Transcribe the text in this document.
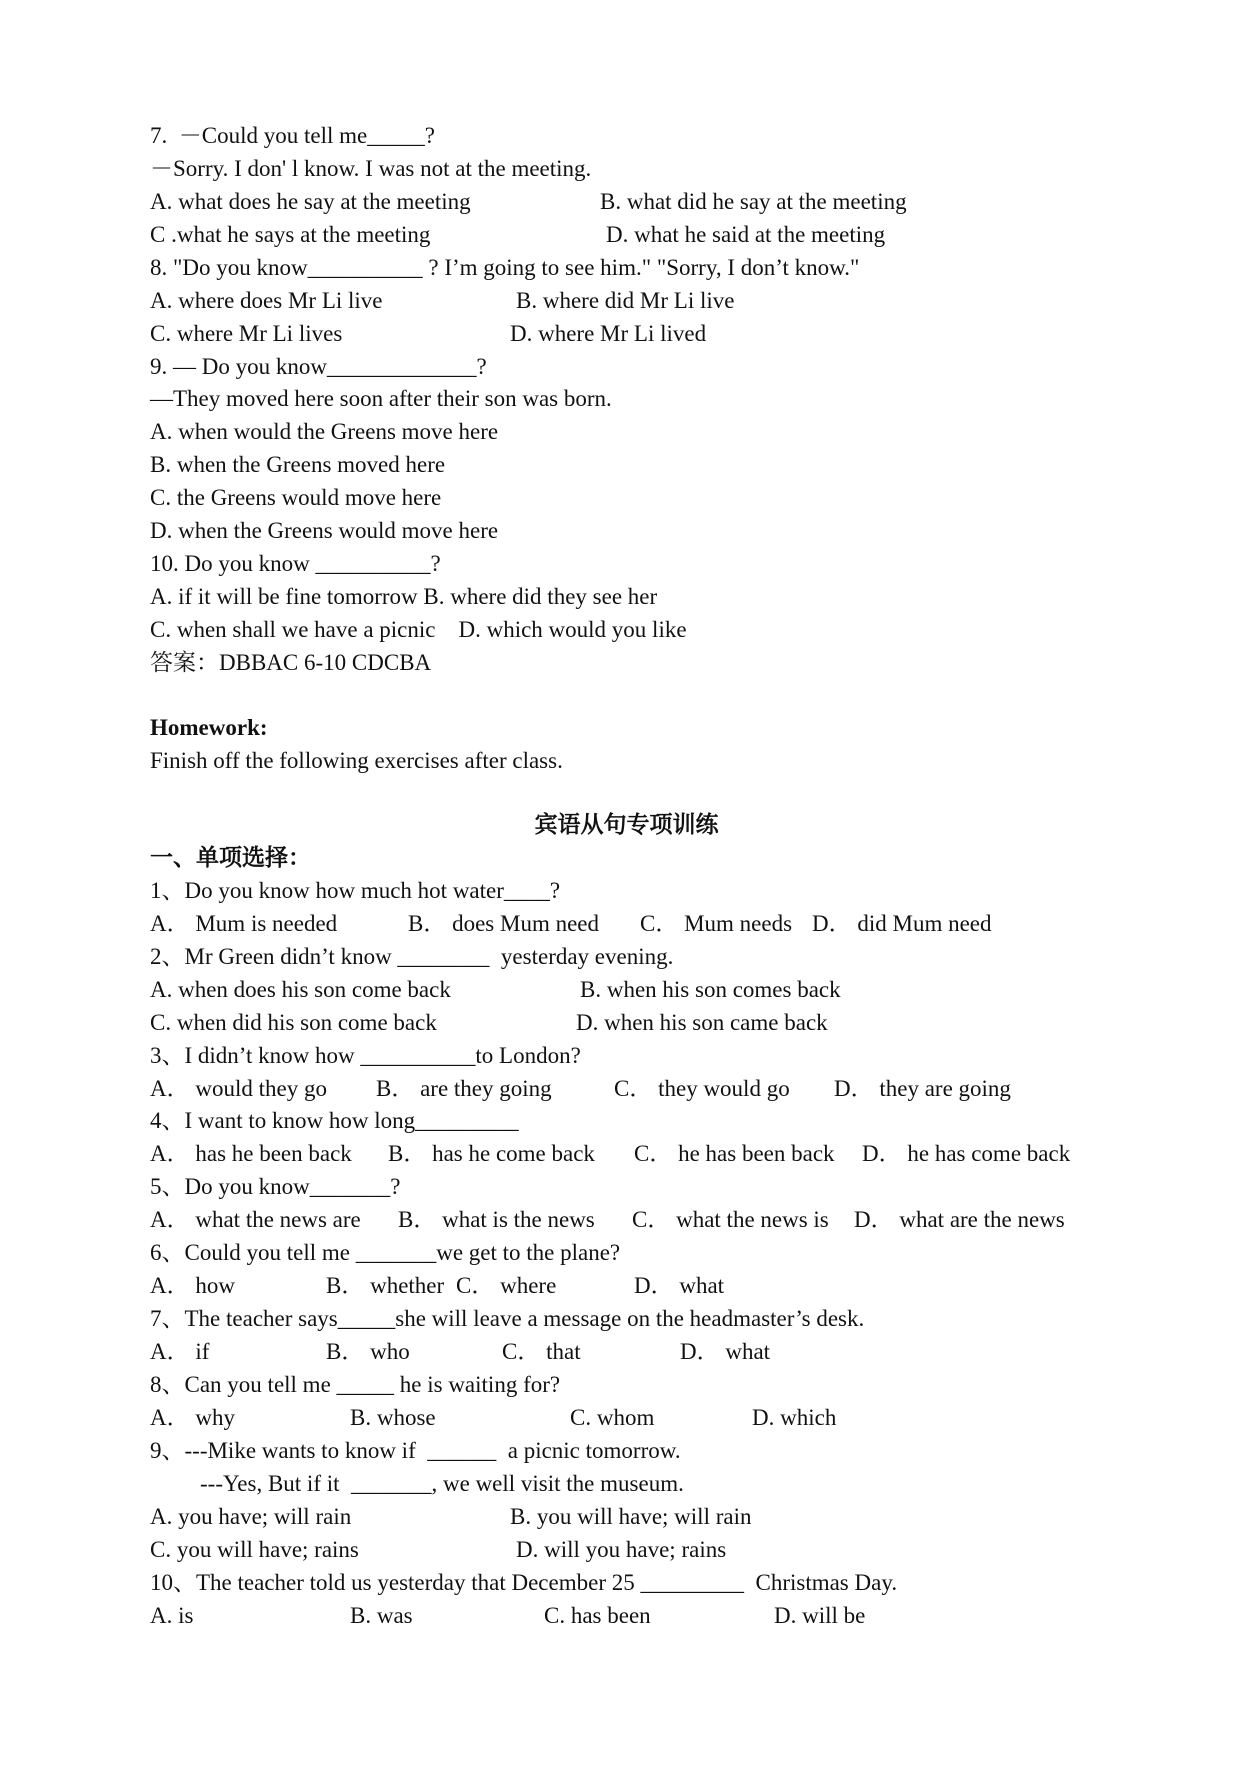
7.  －Could you tell me_____?
－Sorry. I don' l know. I was not at the meeting.
A. what does he say at the meeting	B. what did he say at the meeting
C .what he says at the meeting	D. what he said at the meeting
8. "Do you know__________ ? I’m going to see him." "Sorry, I don’t know."
A. where does Mr Li live	B. where did Mr Li live
C. where Mr Li lives	D. where Mr Li lived
9. — Do you know_____________?
—They moved here soon after their son was born.
A. when would the Greens move here
B. when the Greens moved here
C. the Greens would move here
D. when the Greens would move here
10. Do you know __________?
A. if it will be fine tomorrow B. where did they see her
C. when shall we have a picnic    D. which would you like
答案：DBBAC 6-10 CDCBA
Homework:
Finish off the following exercises after class.
宾语从句专项训练
一、单项选择：
1、Do you know how much hot water____?
A． Mum is needed	B． does Mum need C． Mum needs D． did Mum need
2、Mr Green didn’t know ________  yesterday evening.
A. when does his son come back	B. when his son comes back
C. when did his son come back	D. when his son came back
3、I didn’t know how __________to London?
A． would they go B． are they going	C． they would go D． they are going
4、I want to know how long_________
A． has he been back B． has he come back C． he has been back D． he has come back
5、Do you know_______?
A． what the news are B． what is the news C． what the news is D． what are the news
6、Could you tell me _______we get to the plane?
A． how	B． whether C． where	D． what
7、The teacher says_____she will leave a message on the headmaster’s desk.
A． if	B． who	C． that	D． what
8、Can you tell me _____ he is waiting for?
A． why	B. whose	C. whom	D. which
9、---Mike wants to know if  ______  a picnic tomorrow.
---Yes, But if it  _______, we well visit the museum.
A. you have; will rain	B. you will have; will rain
C. you will have; rains	D. will you have; rains
10、The teacher told us yesterday that December 25 _________  Christmas Day.
A. is	B. was	C. has been	D. will be
